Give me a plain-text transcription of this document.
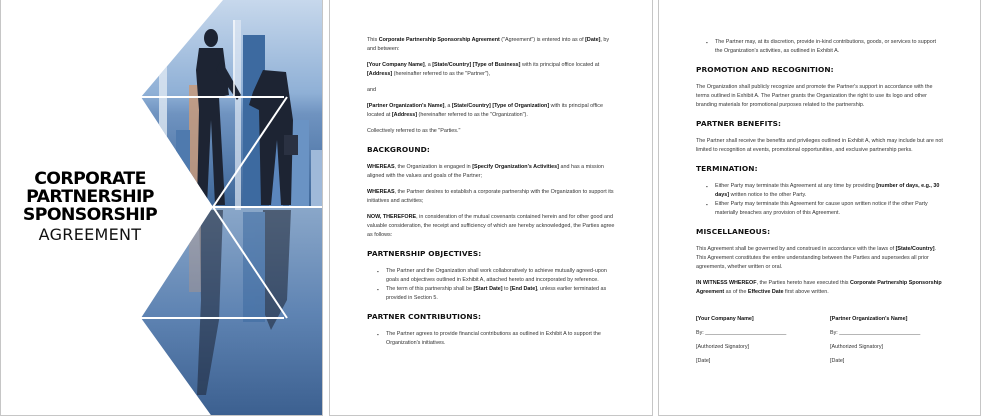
CORPORATE
PARTNERSHIP
SPONSORSHIP
AGREEMENT

This Corporate Partnership Sponsorship Agreement ("Agreement") is entered into as of [Date], by and between:

[Your Company Name], a [State/Country] [Type of Business] with its principal office located at [Address] (hereinafter referred to as the "Partner"),

and

[Partner Organization's Name], a [State/Country] [Type of Organization] with its principal office located at [Address] (hereinafter referred to as the "Organization").

Collectively referred to as the "Parties."

BACKGROUND:

WHEREAS, the Organization is engaged in [Specify Organization's Activities] and has a mission aligned with the values and goals of the Partner;

WHEREAS, the Partner desires to establish a corporate partnership with the Organization to support its initiatives and activities;

NOW, THEREFORE, in consideration of the mutual covenants contained herein and for other good and valuable consideration, the receipt and sufficiency of which are hereby acknowledged, the Parties agree as follows:

PARTNERSHIP OBJECTIVES:
▪ The Partner and the Organization shall work collaboratively to achieve mutually agreed-upon goals and objectives outlined in Exhibit A, attached hereto and incorporated by reference.
▪ The term of this partnership shall be [Start Date] to [End Date], unless earlier terminated as provided in Section 5.
PARTNER CONTRIBUTIONS:
▪ The Partner agrees to provide financial contributions as outlined in Exhibit A to support the Organization's initiatives.
▪ The Partner may, at its discretion, provide in-kind contributions, goods, or services to support the Organization's activities, as outlined in Exhibit A.
PROMOTION AND RECOGNITION:

The Organization shall publicly recognize and promote the Partner's support in accordance with the terms outlined in Exhibit A. The Partner grants the Organization the right to use its logo and other branding materials for promotional purposes related to the partnership.

PARTNER BENEFITS:

The Partner shall receive the benefits and privileges outlined in Exhibit A, which may include but are not limited to recognition at events, promotional opportunities, and exclusive partnership perks.

TERMINATION:
▪ Either Party may terminate this Agreement at any time by providing [number of days, e.g., 30 days] written notice to the other Party.
▪ Either Party may terminate this Agreement for cause upon written notice if the other Party materially breaches any provision of this Agreement.
MISCELLANEOUS:

This Agreement shall be governed by and construed in accordance with the laws of [State/Country]. This Agreement constitutes the entire understanding between the Parties and supersedes all prior agreements, whether written or oral.

IN WITNESS WHEREOF, the Parties hereto have executed this Corporate Partnership Sponsorship Agreement as of the Effective Date first above written.

[Your Company Name]
By: ___________________________
[Authorized Signatory]
[Date]
[Partner Organization's Name]
By: ___________________________
[Authorized Signatory]
[Date]
